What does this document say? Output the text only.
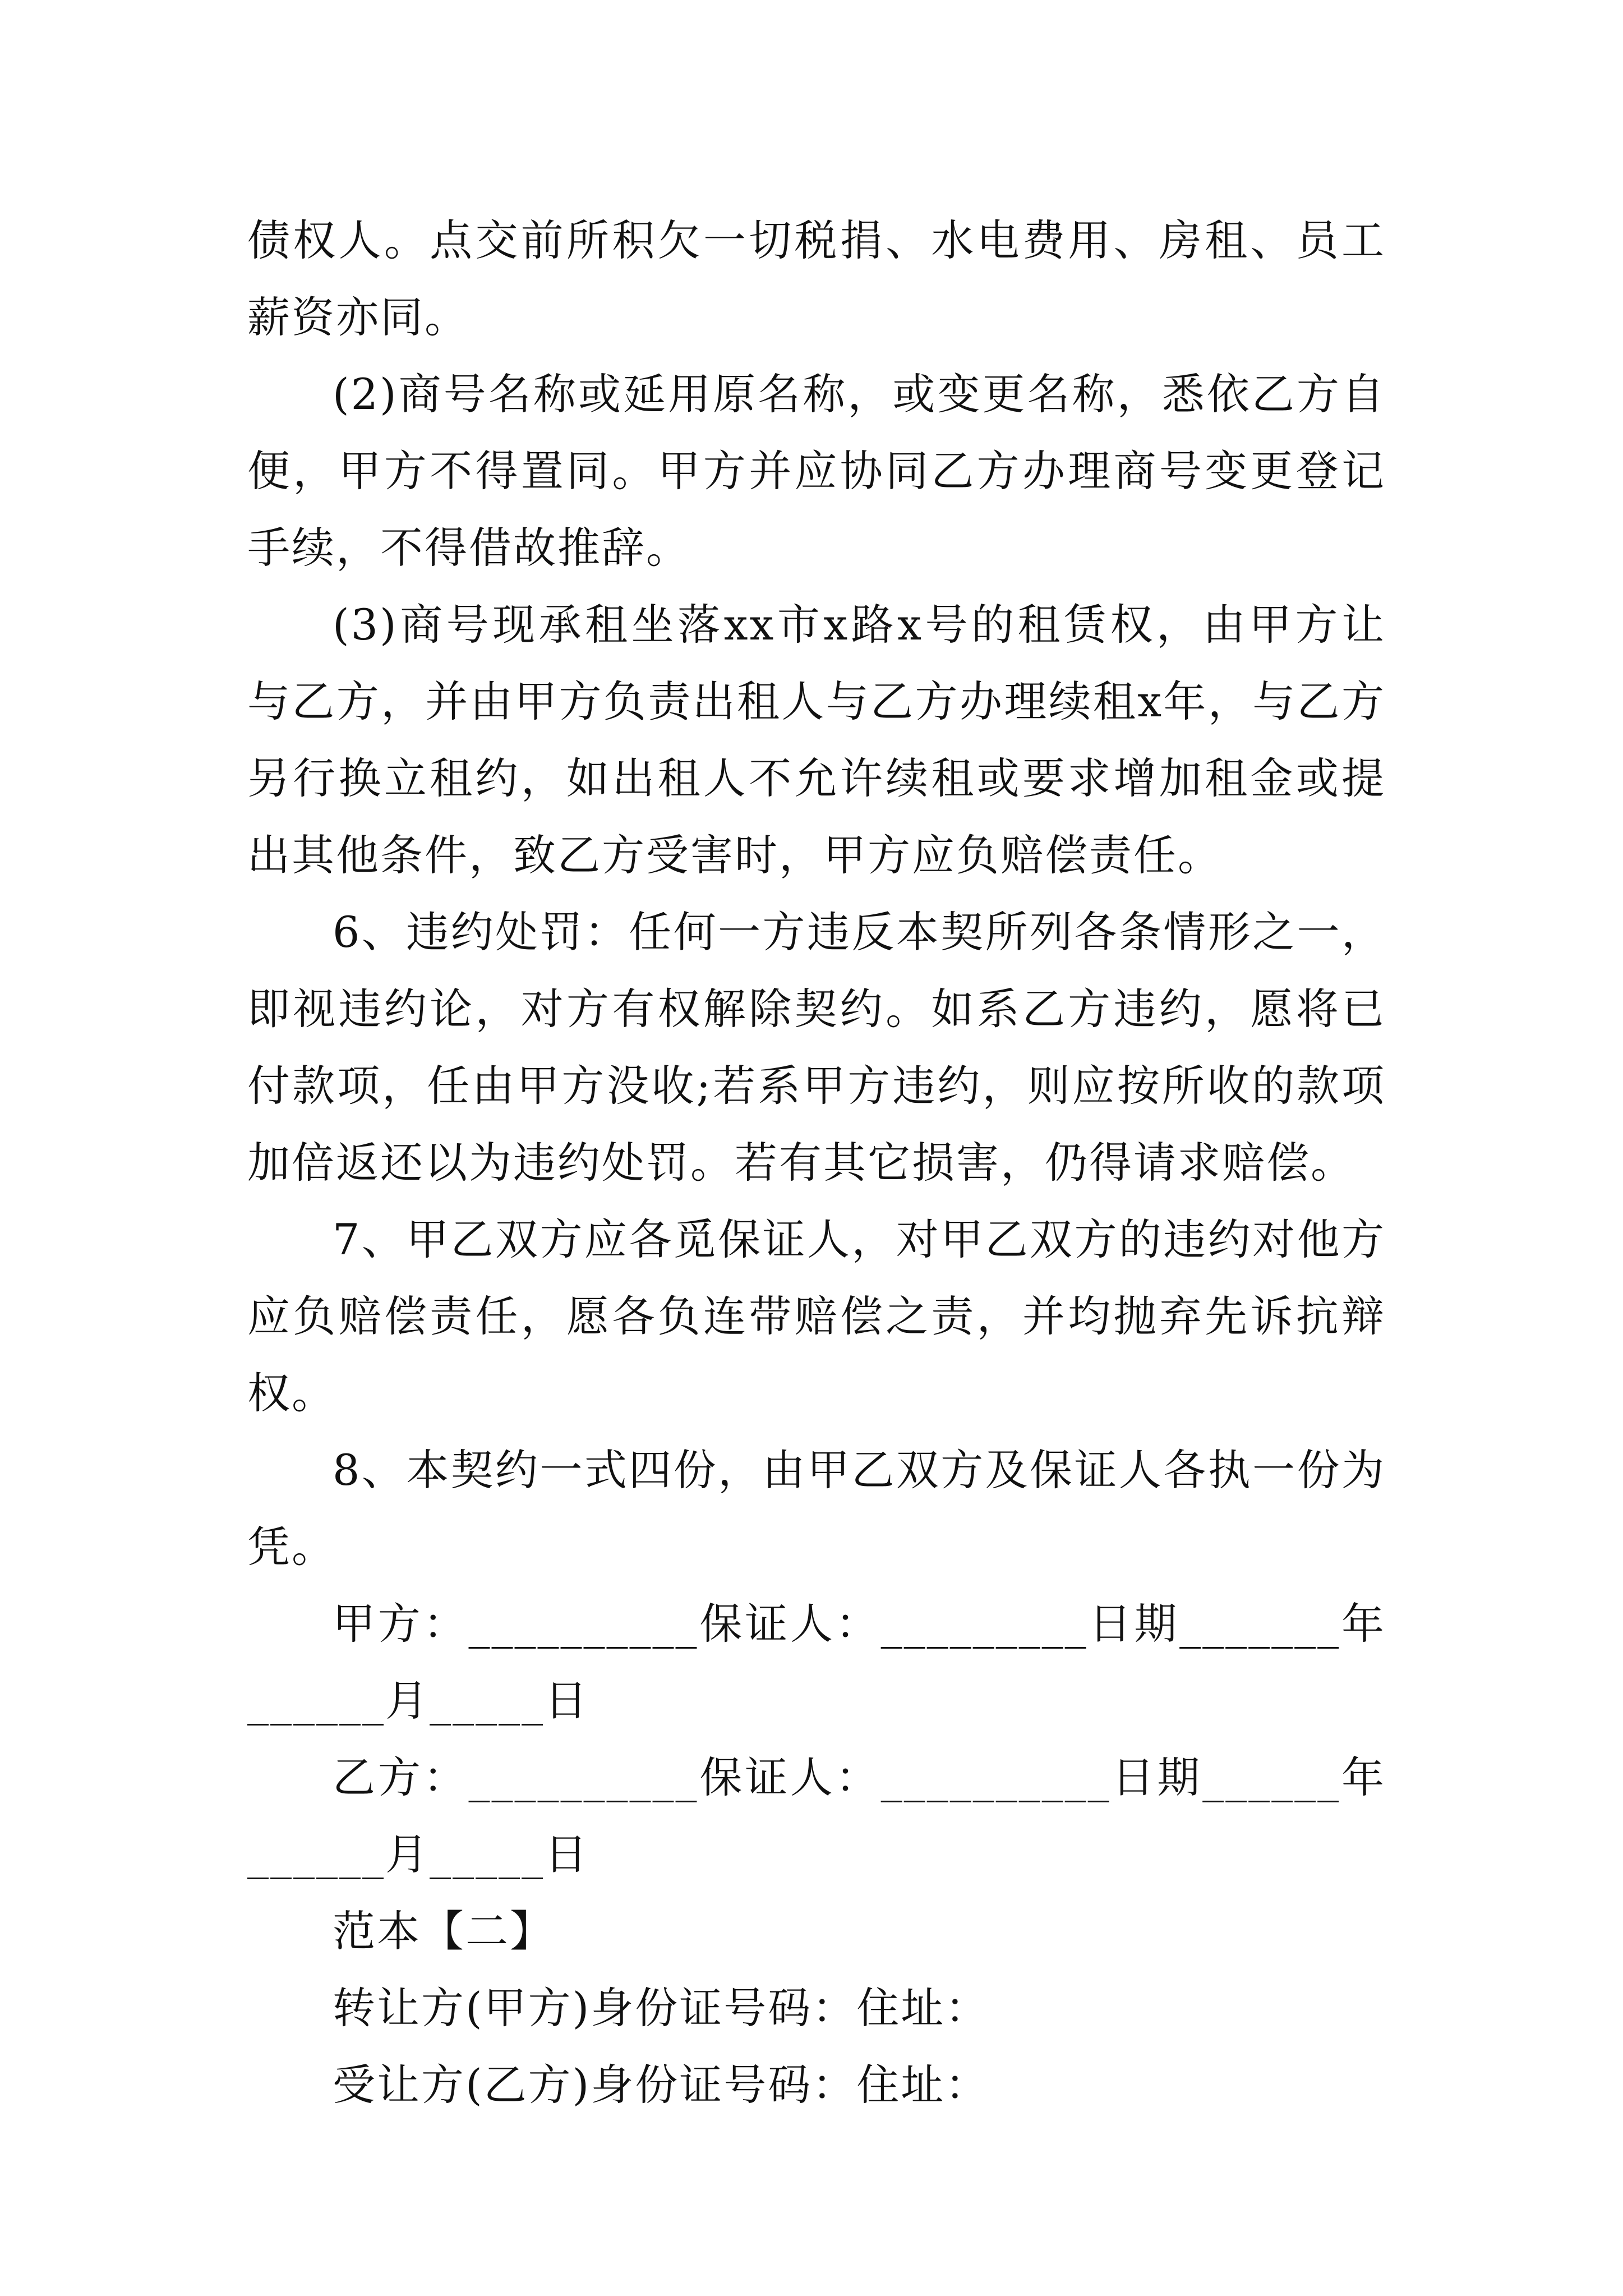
债权人。点交前所积欠一切税捐、水电费用、房租、员工薪资亦同。

(2)商号名称或延用原名称，或变更名称，悉依乙方自便，甲方不得置同。甲方并应协同乙方办理商号变更登记手续，不得借故推辞。

(3)商号现承租坐落xx市x路x号的租赁权，由甲方让与乙方，并由甲方负责出租人与乙方办理续租x年，与乙方另行换立租约，如出租人不允许续租或要求增加租金或提出其他条件，致乙方受害时，甲方应负赔偿责任。

6、违约处罚：任何一方违反本契所列各条情形之一，即视违约论，对方有权解除契约。如系乙方违约，愿将已付款项，任由甲方没收;若系甲方违约，则应按所收的款项加倍返还以为违约处罚。若有其它损害，仍得请求赔偿。

7、甲乙双方应各觅保证人，对甲乙双方的违约对他方应负赔偿责任，愿各负连带赔偿之责，并均抛弃先诉抗辩权。

8、本契约一式四份，由甲乙双方及保证人各执一份为凭。

甲方：__________保证人：_________日期_______年______月_____日

乙方：__________保证人：__________日期______年______月_____日

范本【二】

转让方(甲方)身份证号码：住址：

受让方(乙方)身份证号码：住址：
